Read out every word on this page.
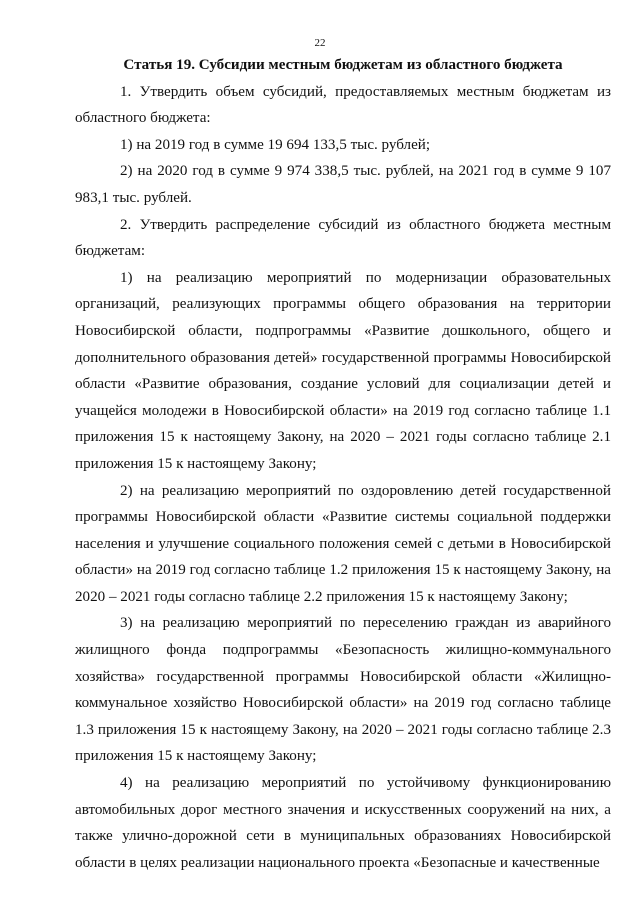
22

Статья 19. Субсидии местным бюджетам из областного бюджета

1. Утвердить объем субсидий, предоставляемых местным бюджетам из областного бюджета:

1) на 2019 год в сумме 19 694 133,5 тыс. рублей;

2) на 2020 год в сумме 9 974 338,5 тыс. рублей, на 2021 год в сумме 9 107 983,1 тыс. рублей.

2. Утвердить распределение субсидий из областного бюджета местным бюджетам:

1) на реализацию мероприятий по модернизации образовательных организаций, реализующих программы общего образования на территории Новосибирской области, подпрограммы «Развитие дошкольного, общего и дополнительного образования детей» государственной программы Новосибирской области «Развитие образования, создание условий для социализации детей и учащейся молодежи в Новосибирской области» на 2019 год согласно таблице 1.1 приложения 15 к настоящему Закону, на 2020 – 2021 годы согласно таблице 2.1 приложения 15 к настоящему Закону;

2) на реализацию мероприятий по оздоровлению детей государственной программы Новосибирской области «Развитие системы социальной поддержки населения и улучшение социального положения семей с детьми в Новосибирской области» на 2019 год согласно таблице 1.2 приложения 15 к настоящему Закону, на 2020 – 2021 годы согласно таблице 2.2 приложения 15 к настоящему Закону;

3) на реализацию мероприятий по переселению граждан из аварийного жилищного фонда подпрограммы «Безопасность жилищно-коммунального хозяйства» государственной программы Новосибирской области «Жилищно-коммунальное хозяйство Новосибирской области» на 2019 год согласно таблице 1.3 приложения 15 к настоящему Закону, на 2020 – 2021 годы согласно таблице 2.3 приложения 15 к настоящему Закону;

4) на реализацию мероприятий по устойчивому функционированию автомобильных дорог местного значения и искусственных сооружений на них, а также улично-дорожной сети в муниципальных образованиях Новосибирской области в целях реализации национального проекта «Безопасные и качественные
